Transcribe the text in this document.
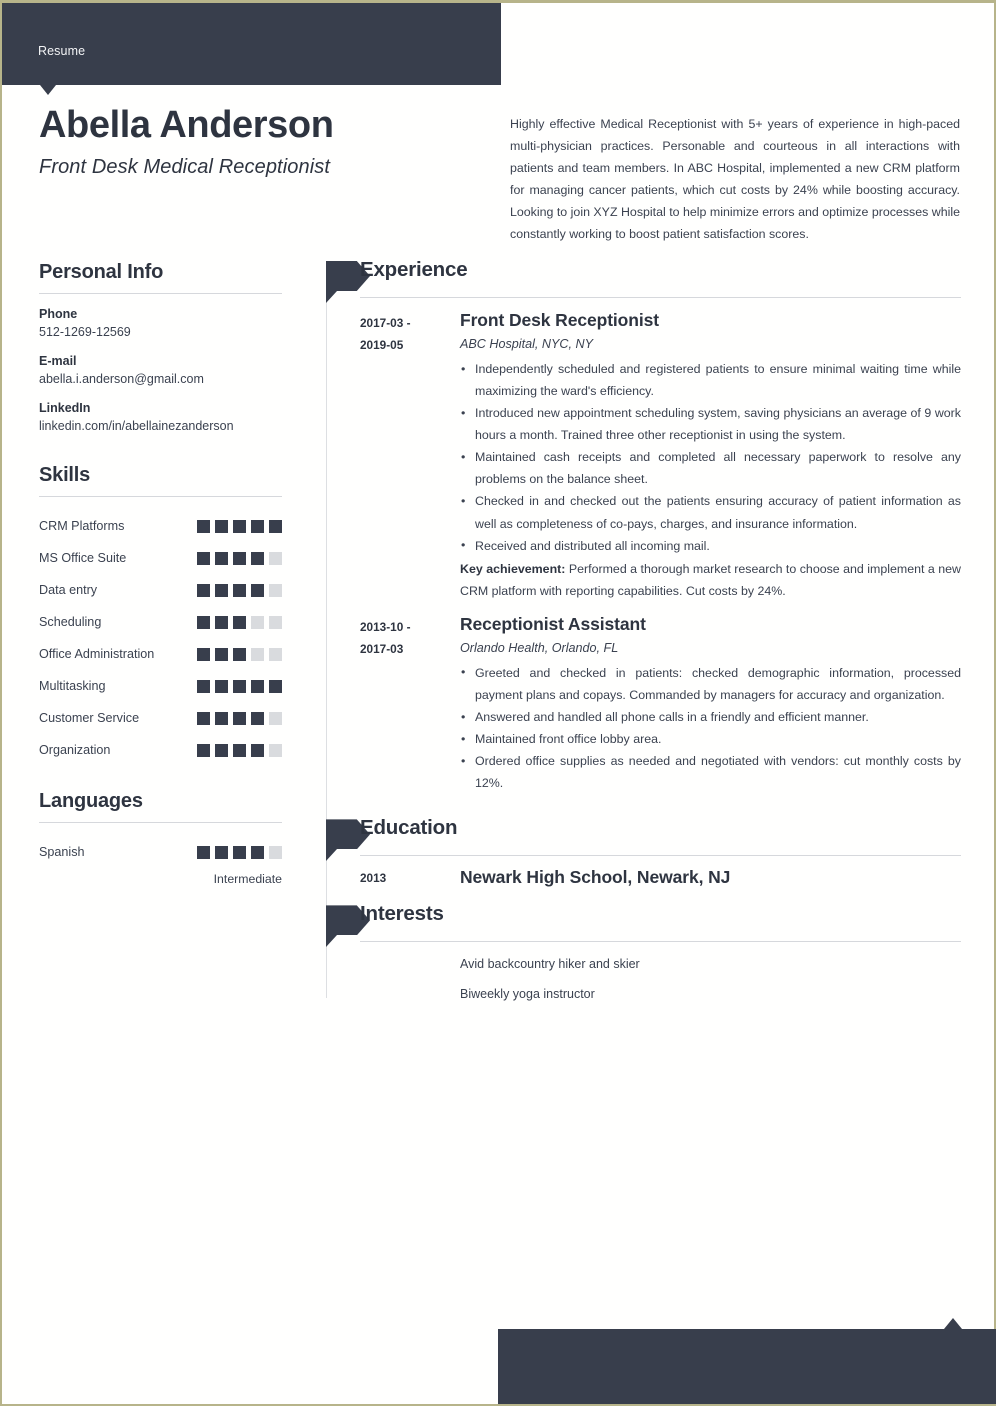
Resume
Abella Anderson
Front Desk Medical Receptionist
Highly effective Medical Receptionist with 5+ years of experience in high-paced multi-physician practices. Personable and courteous in all interactions with patients and team members. In ABC Hospital, implemented a new CRM platform for managing cancer patients, which cut costs by 24% while boosting accuracy. Looking to join XYZ Hospital to help minimize errors and optimize processes while constantly working to boost patient satisfaction scores.
Personal Info
Phone
512-1269-12569
E-mail
abella.i.anderson@gmail.com
LinkedIn
linkedin.com/in/abellainezanderson
Skills
CRM Platforms
MS Office Suite
Data entry
Scheduling
Office Administration
Multitasking
Customer Service
Organization
Languages
Spanish
Intermediate
Experience
2017-03 -
2019-05
Front Desk Receptionist
ABC Hospital, NYC, NY
• Independently scheduled and registered patients to ensure minimal waiting time while maximizing the ward's efficiency.
• Introduced new appointment scheduling system, saving physicians an average of 9 work hours a month. Trained three other receptionist in using the system.
• Maintained cash receipts and completed all necessary paperwork to resolve any problems on the balance sheet.
• Checked in and checked out the patients ensuring accuracy of patient information as well as completeness of co-pays, charges, and insurance information.
• Received and distributed all incoming mail.
Key achievement: Performed a thorough market research to choose and implement a new CRM platform with reporting capabilities. Cut costs by 24%.
2013-10 -
2017-03
Receptionist Assistant
Orlando Health, Orlando, FL
• Greeted and checked in patients: checked demographic information, processed payment plans and copays. Commanded by managers for accuracy and organization.
• Answered and handled all phone calls in a friendly and efficient manner.
• Maintained front office lobby area.
• Ordered office supplies as needed and negotiated with vendors: cut monthly costs by 12%.
Education
2013	Newark High School, Newark, NJ
Interests
Avid backcountry hiker and skier
Biweekly yoga instructor
